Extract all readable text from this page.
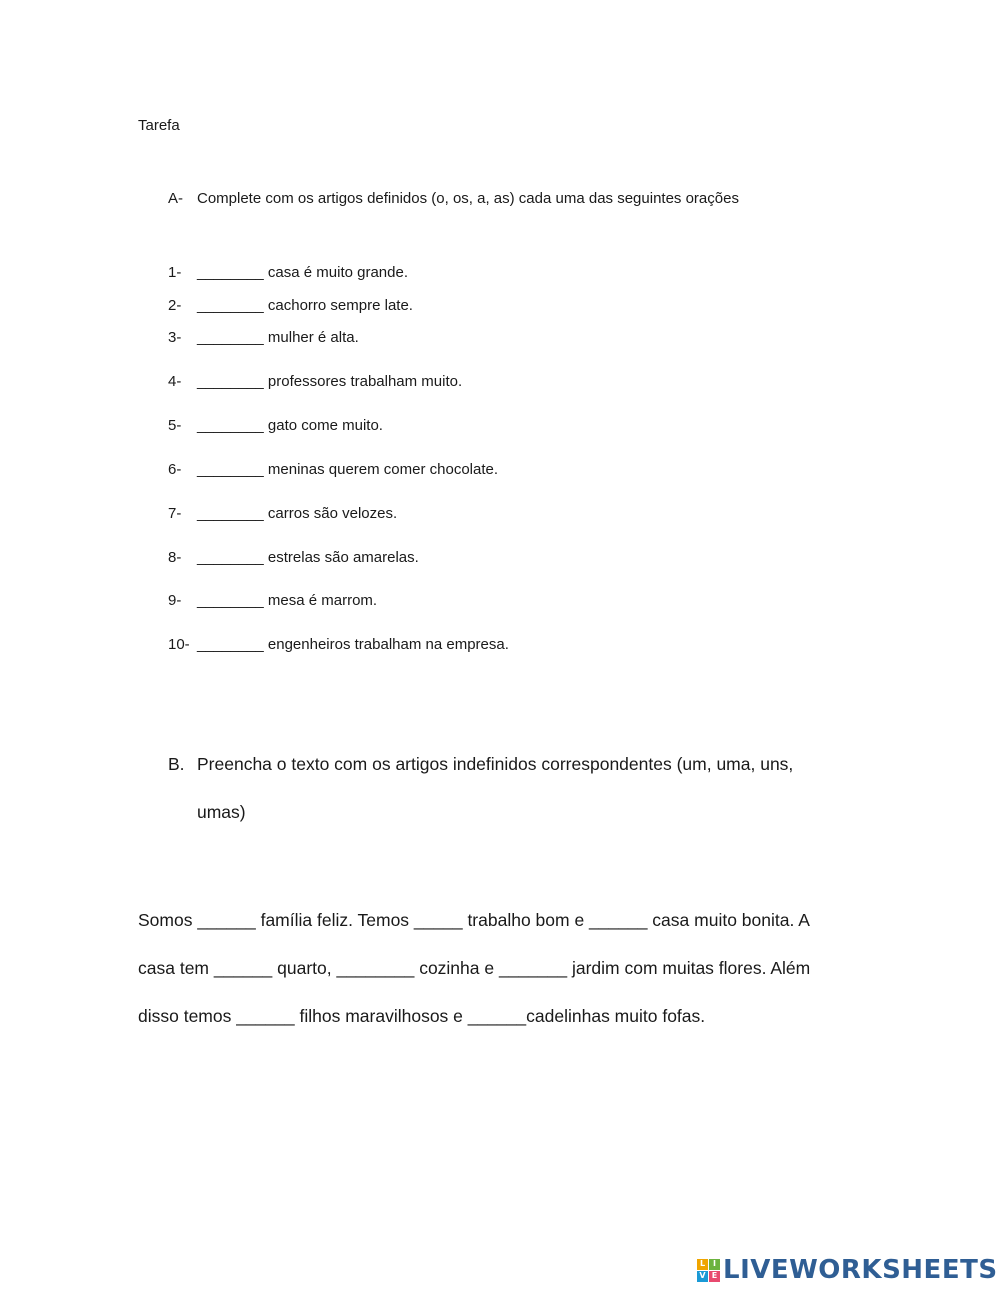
Tarefa
A- Complete com os artigos definidos (o, os, a, as) cada uma das seguintes orações
1- ________ casa é muito grande.
2- ________ cachorro sempre late.
3- ________ mulher é alta.
4- ________ professores trabalham muito.
5- ________ gato come muito.
6- ________ meninas querem comer chocolate.
7- ________ carros são velozes.
8- ________ estrelas são amarelas.
9- ________ mesa é marrom.
10- ________ engenheiros trabalham na empresa.
B. Preencha o texto com os artigos indefinidos correspondentes (um, uma, uns,
umas)
Somos ______ família feliz. Temos _____ trabalho bom e ______ casa muito bonita. A
casa tem ______ quarto, ________ cozinha e _______ jardim com muitas flores. Além
disso temos ______ filhos maravilhosos e ______cadelinhas muito fofas.
L I
V E LIVEWORKSHEETS
